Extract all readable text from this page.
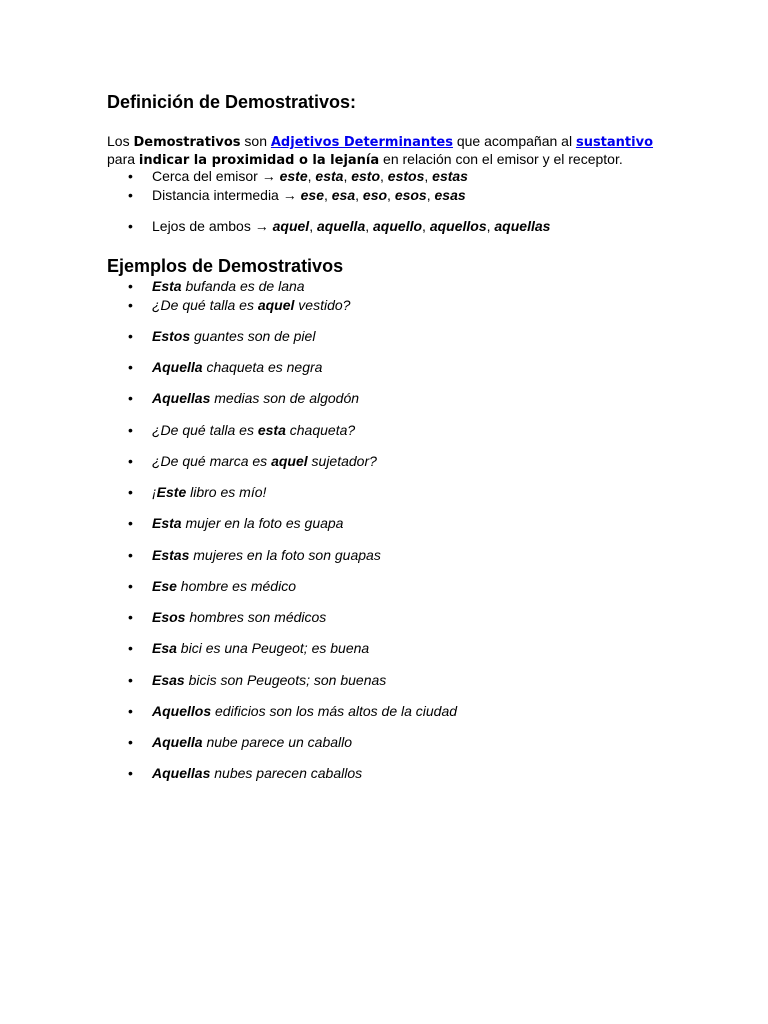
Definición de Demostrativos:

Los Demostrativos son Adjetivos Determinantes que acompañan al sustantivo
para indicar la proximidad o la lejanía en relación con el emisor y el receptor.

• Cerca del emisor → este, esta, esto, estos, estas
• Distancia intermedia → ese, esa, eso, esos, esas
• Lejos de ambos → aquel, aquella, aquello, aquellos, aquellas
Ejemplos de Demostrativos
• Esta bufanda es de lana
• ¿De qué talla es aquel vestido?
• Estos guantes son de piel
• Aquella chaqueta es negra
• Aquellas medias son de algodón
• ¿De qué talla es esta chaqueta?
• ¿De qué marca es aquel sujetador?
• ¡Este libro es mío!
• Esta mujer en la foto es guapa
• Estas mujeres en la foto son guapas
• Ese hombre es médico
• Esos hombres son médicos
• Esa bici es una Peugeot; es buena
• Esas bicis son Peugeots; son buenas
• Aquellos edificios son los más altos de la ciudad
• Aquella nube parece un caballo
• Aquellas nubes parecen caballos
